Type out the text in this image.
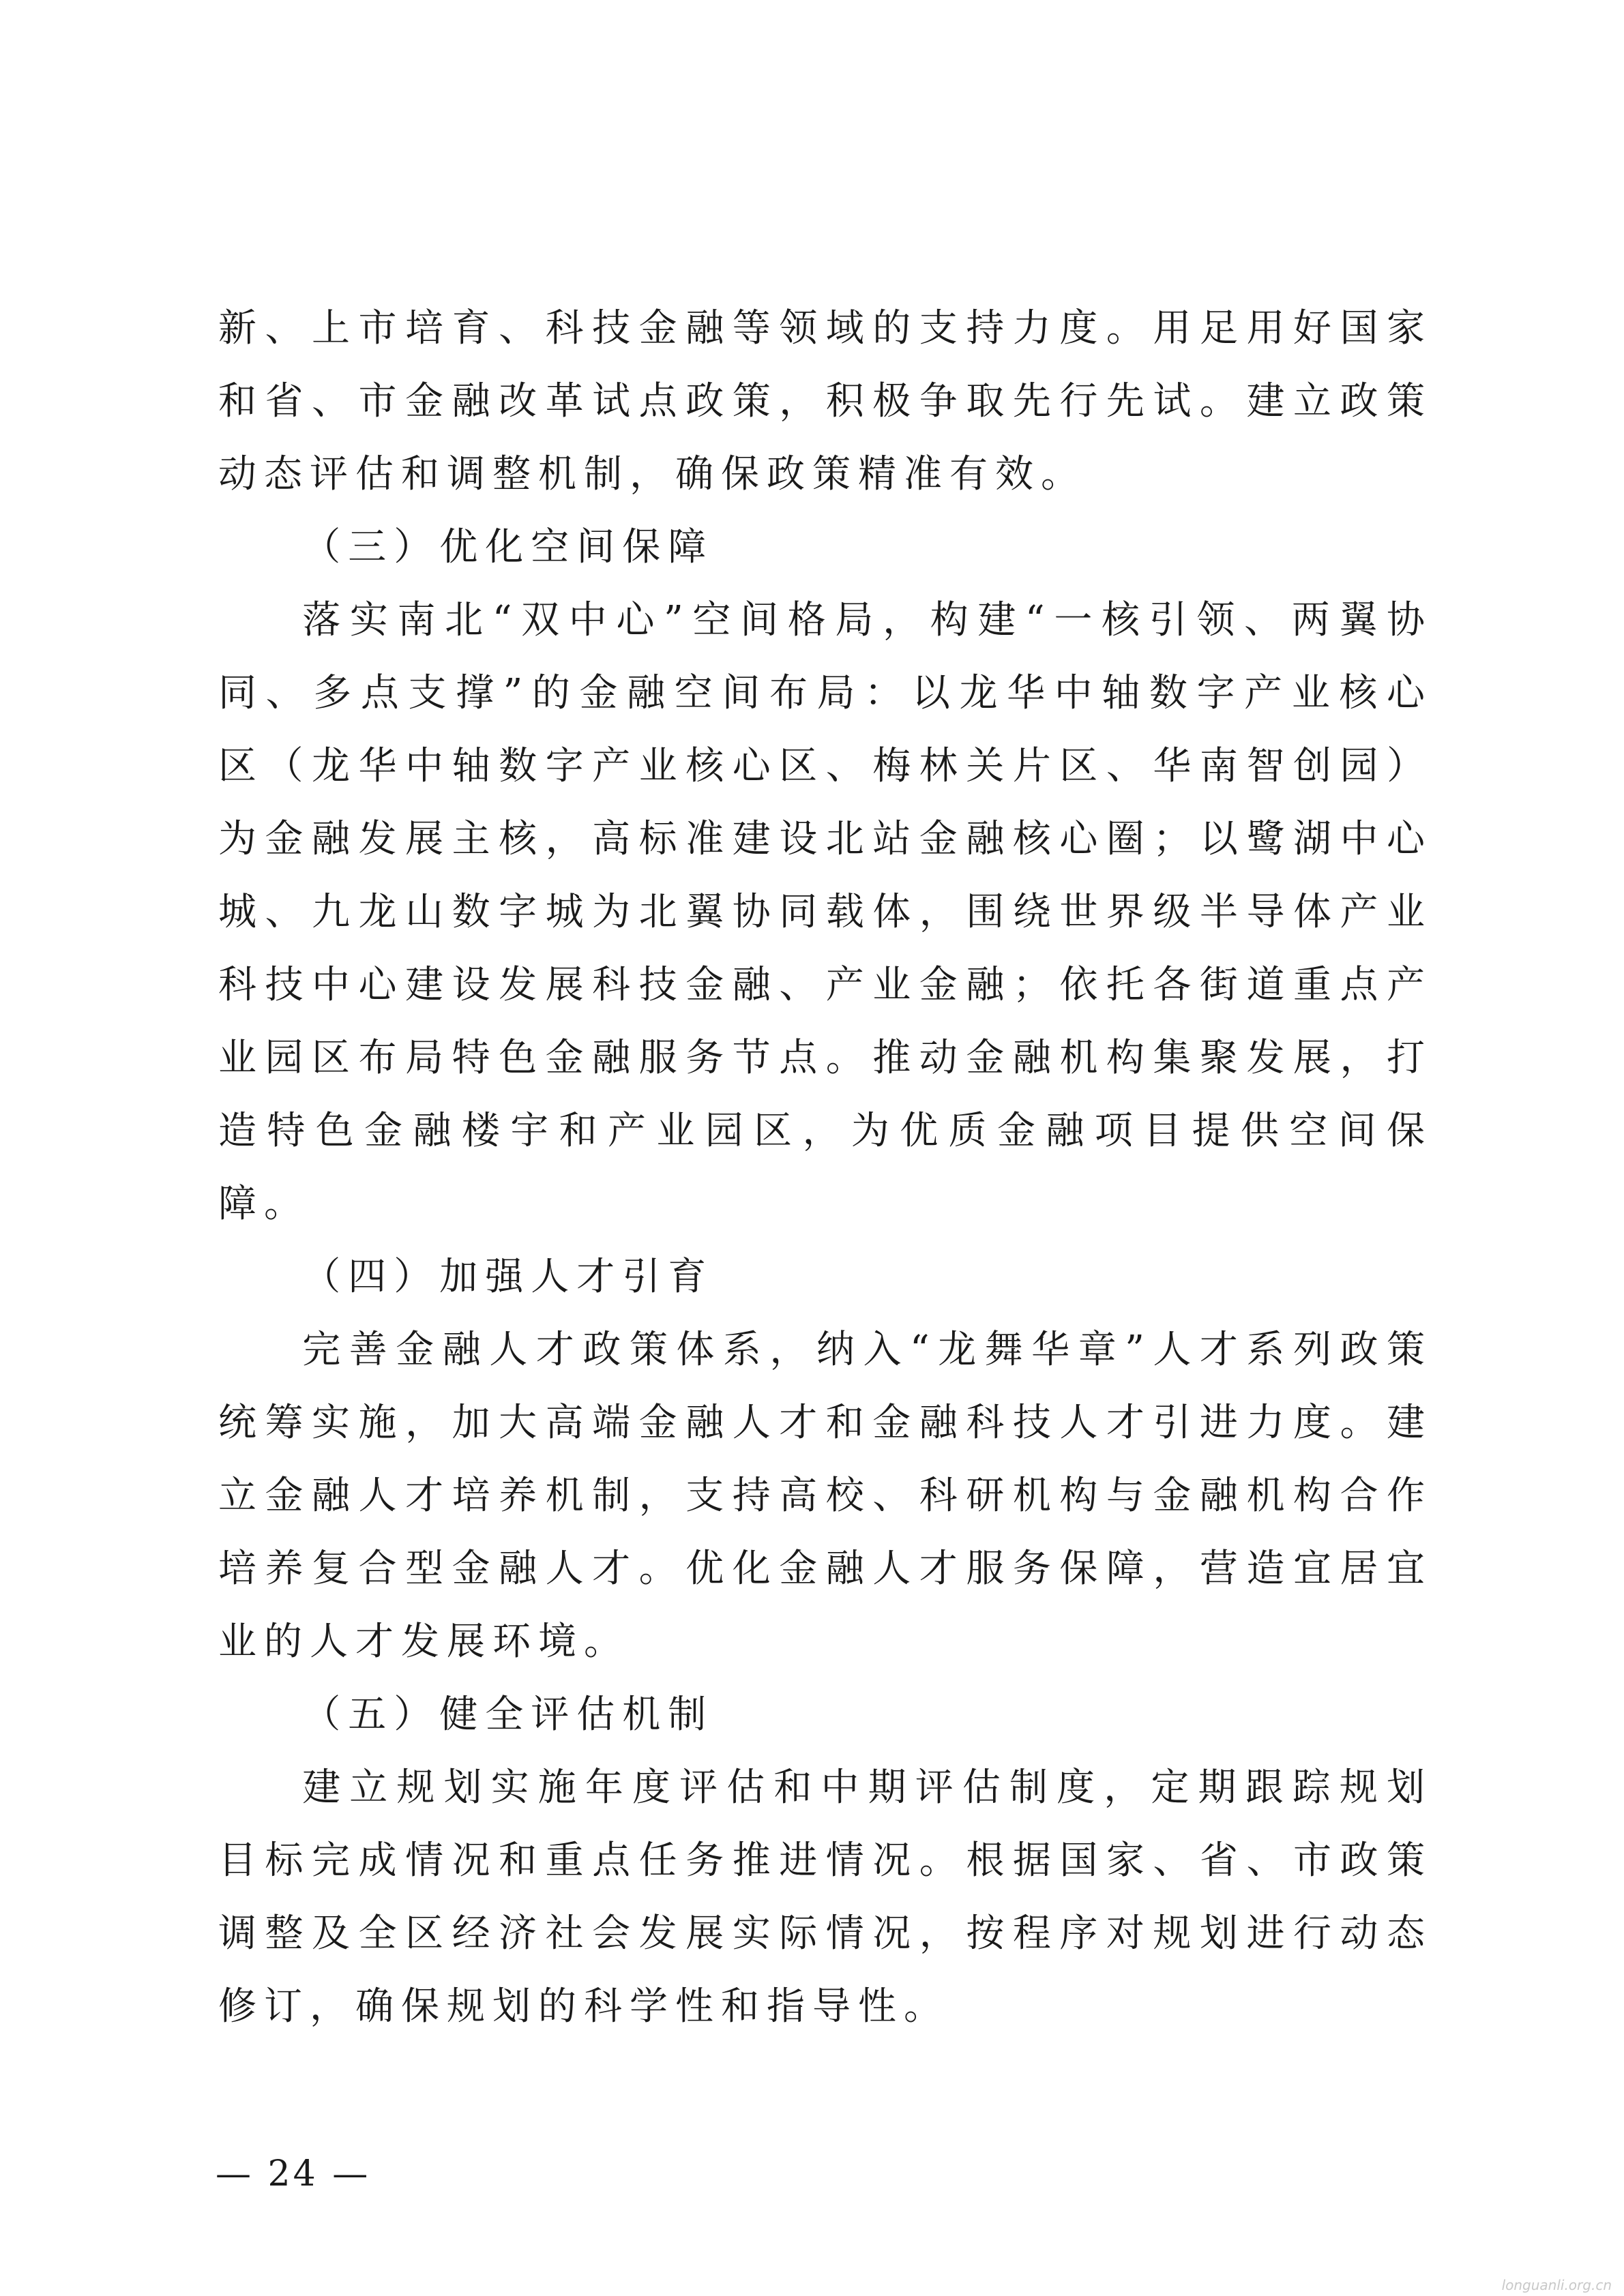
新、上市培育、科技金融等领域的支持力度。用足用好国家和省、市金融改革试点政策，积极争取先行先试。建立政策动态评估和调整机制，确保政策精准有效。

（三）优化空间保障

落实南北“双中心”空间格局，构建“一核引领、两翼协同、多点支撑”的金融空间布局：以龙华中轴数字产业核心区（龙华中轴数字产业核心区、梅林关片区、华南智创园）为金融发展主核，高标准建设北站金融核心圈；以鹭湖中心城、九龙山数字城为北翼协同载体，围绕世界级半导体产业科技中心建设发展科技金融、产业金融；依托各街道重点产业园区布局特色金融服务节点。推动金融机构集聚发展，打造特色金融楼宇和产业园区，为优质金融项目提供空间保障。

（四）加强人才引育

完善金融人才政策体系，纳入“龙舞华章”人才系列政策统筹实施，加大高端金融人才和金融科技人才引进力度。建立金融人才培养机制，支持高校、科研机构与金融机构合作培养复合型金融人才。优化金融人才服务保障，营造宜居宜业的人才发展环境。

（五）健全评估机制

建立规划实施年度评估和中期评估制度，定期跟踪规划目标完成情况和重点任务推进情况。根据国家、省、市政策调整及全区经济社会发展实际情况，按程序对规划进行动态修订，确保规划的科学性和指导性。

— 24 —
longuanli.org.cn
